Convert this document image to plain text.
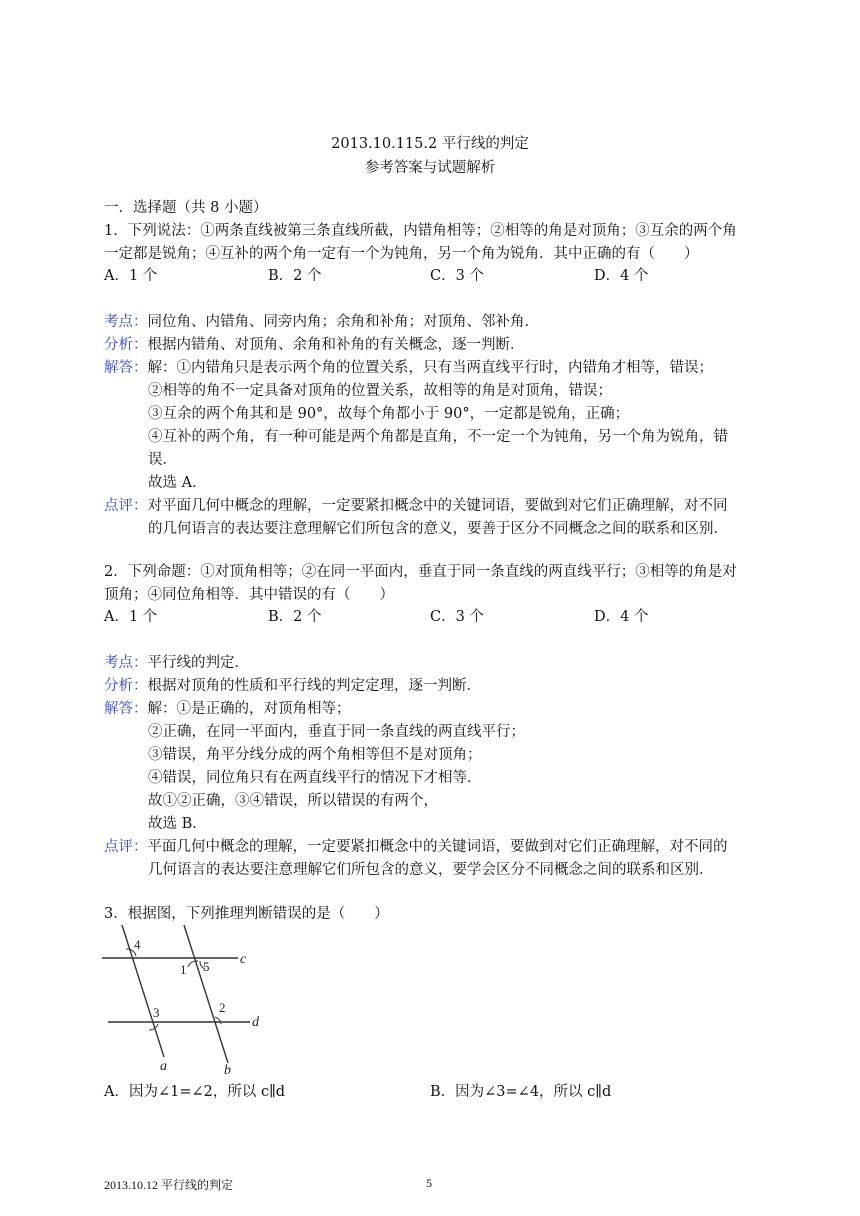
2013.10.115.2 平行线的判定
参考答案与试题解析
一．选择题（共 8 小题）
1．下列说法：①两条直线被第三条直线所截，内错角相等；②相等的角是对顶角；③互余的两个角
一定都是锐角；④互补的两个角一定有一个为钝角，另一个角为锐角．其中正确的有（　　）
A．1 个	B．2 个	C．3 个	D．4 个
考点：同位角、内错角、同旁内角；余角和补角；对顶角、邻补角．
分析：根据内错角、对顶角、余角和补角的有关概念，逐一判断．
解答：解：①内错角只是表示两个角的位置关系，只有当两直线平行时，内错角才相等，错误；
②相等的角不一定具备对顶角的位置关系，故相等的角是对顶角，错误；
③互余的两个角其和是 90°，故每个角都小于 90°，一定都是锐角，正确；
④互补的两个角，有一种可能是两个角都是直角，不一定一个为钝角，另一个角为锐角，错
误．
故选 A．
点评：对平面几何中概念的理解，一定要紧扣概念中的关键词语，要做到对它们正确理解，对不同
的几何语言的表达要注意理解它们所包含的意义，要善于区分不同概念之间的联系和区别．
2．下列命题：①对顶角相等；②在同一平面内，垂直于同一条直线的两直线平行；③相等的角是对
顶角；④同位角相等．其中错误的有（　　）
A．1 个	B．2 个	C．3 个	D．4 个
考点：平行线的判定．
分析：根据对顶角的性质和平行线的判定定理，逐一判断．
解答：解：①是正确的，对顶角相等；
②正确，在同一平面内，垂直于同一条直线的两直线平行；
③错误，角平分线分成的两个角相等但不是对顶角；
④错误，同位角只有在两直线平行的情况下才相等．
故①②正确，③④错误，所以错误的有两个，
故选 B．
点评：平面几何中概念的理解，一定要紧扣概念中的关键词语，要做到对它们正确理解，对不同的
几何语言的表达要注意理解它们所包含的意义，要学会区分不同概念之间的联系和区别．
3．根据图，下列推理判断错误的是（　　）
4
1 5 c
3	2
d
a	b
A．因为∠1=∠2，所以 c∥d	B．因为∠3=∠4，所以 c∥d
2013.10.12 平行线的判定	5
